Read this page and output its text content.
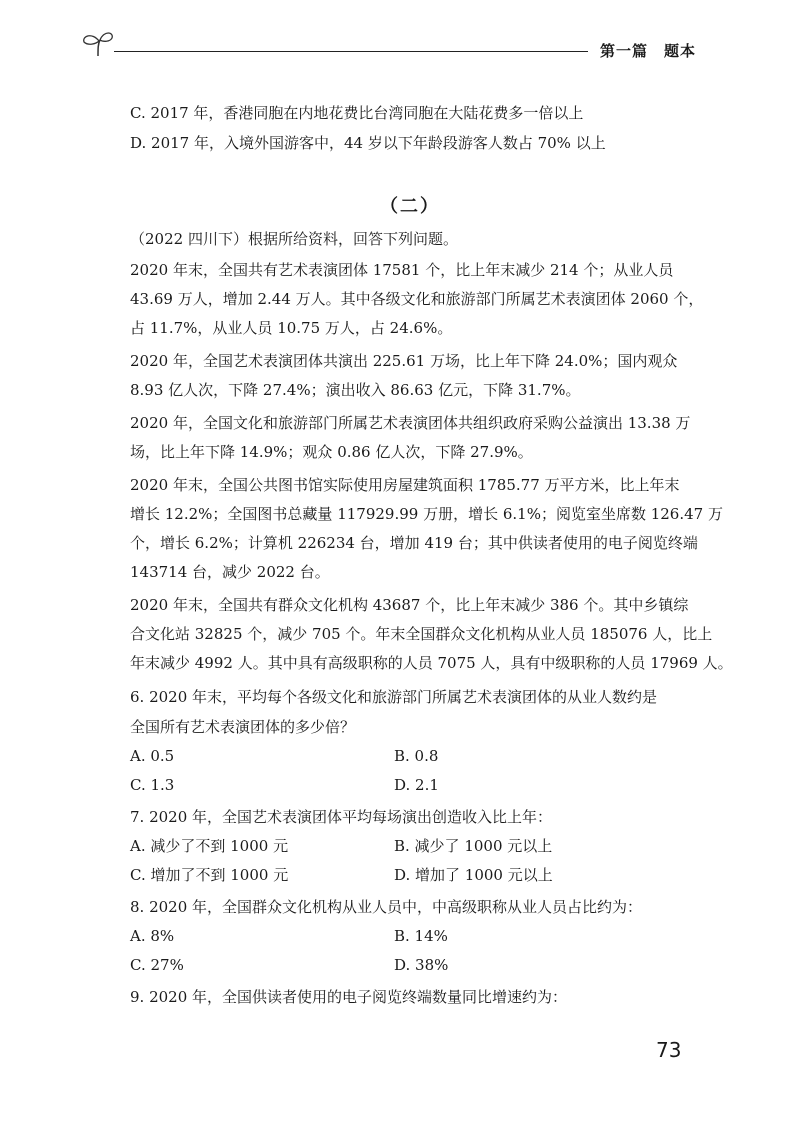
第一篇　题本

C. 2017 年，香港同胞在内地花费比台湾同胞在大陆花费多一倍以上

D. 2017 年，入境外国游客中，44 岁以下年龄段游客人数占 70% 以上

（二）

（2022 四川下）根据所给资料，回答下列问题。

2020 年末，全国共有艺术表演团体 17581 个，比上年末减少 214 个；从业人员
43.69 万人，增加 2.44 万人。其中各级文化和旅游部门所属艺术表演团体 2060 个，
占 11.7%，从业人员 10.75 万人，占 24.6%。
2020 年，全国艺术表演团体共演出 225.61 万场，比上年下降 24.0%；国内观众
8.93 亿人次，下降 27.4%；演出收入 86.63 亿元，下降 31.7%。
2020 年，全国文化和旅游部门所属艺术表演团体共组织政府采购公益演出 13.38 万
场，比上年下降 14.9%；观众 0.86 亿人次，下降 27.9%。
2020 年末，全国公共图书馆实际使用房屋建筑面积 1785.77 万平方米，比上年末
增长 12.2%；全国图书总藏量 117929.99 万册，增长 6.1%；阅览室坐席数 126.47 万
个，增长 6.2%；计算机 226234 台，增加 419 台；其中供读者使用的电子阅览终端
143714 台，减少 2022 台。
2020 年末，全国共有群众文化机构 43687 个，比上年末减少 386 个。其中乡镇综
合文化站 32825 个，减少 705 个。年末全国群众文化机构从业人员 185076 人，比上
年末减少 4992 人。其中具有高级职称的人员 7075 人，具有中级职称的人员 17969 人。
6. 2020 年末，平均每个各级文化和旅游部门所属艺术表演团体的从业人数约是
全国所有艺术表演团体的多少倍？
A. 0.5	B. 0.8
C. 1.3	D. 2.1
7. 2020 年，全国艺术表演团体平均每场演出创造收入比上年：
A. 减少了不到 1000 元	B. 减少了 1000 元以上
C. 增加了不到 1000 元	D. 增加了 1000 元以上
8. 2020 年，全国群众文化机构从业人员中，中高级职称从业人员占比约为：
A. 8%	B. 14%
C. 27%	D. 38%
9. 2020 年，全国供读者使用的电子阅览终端数量同比增速约为：
73
